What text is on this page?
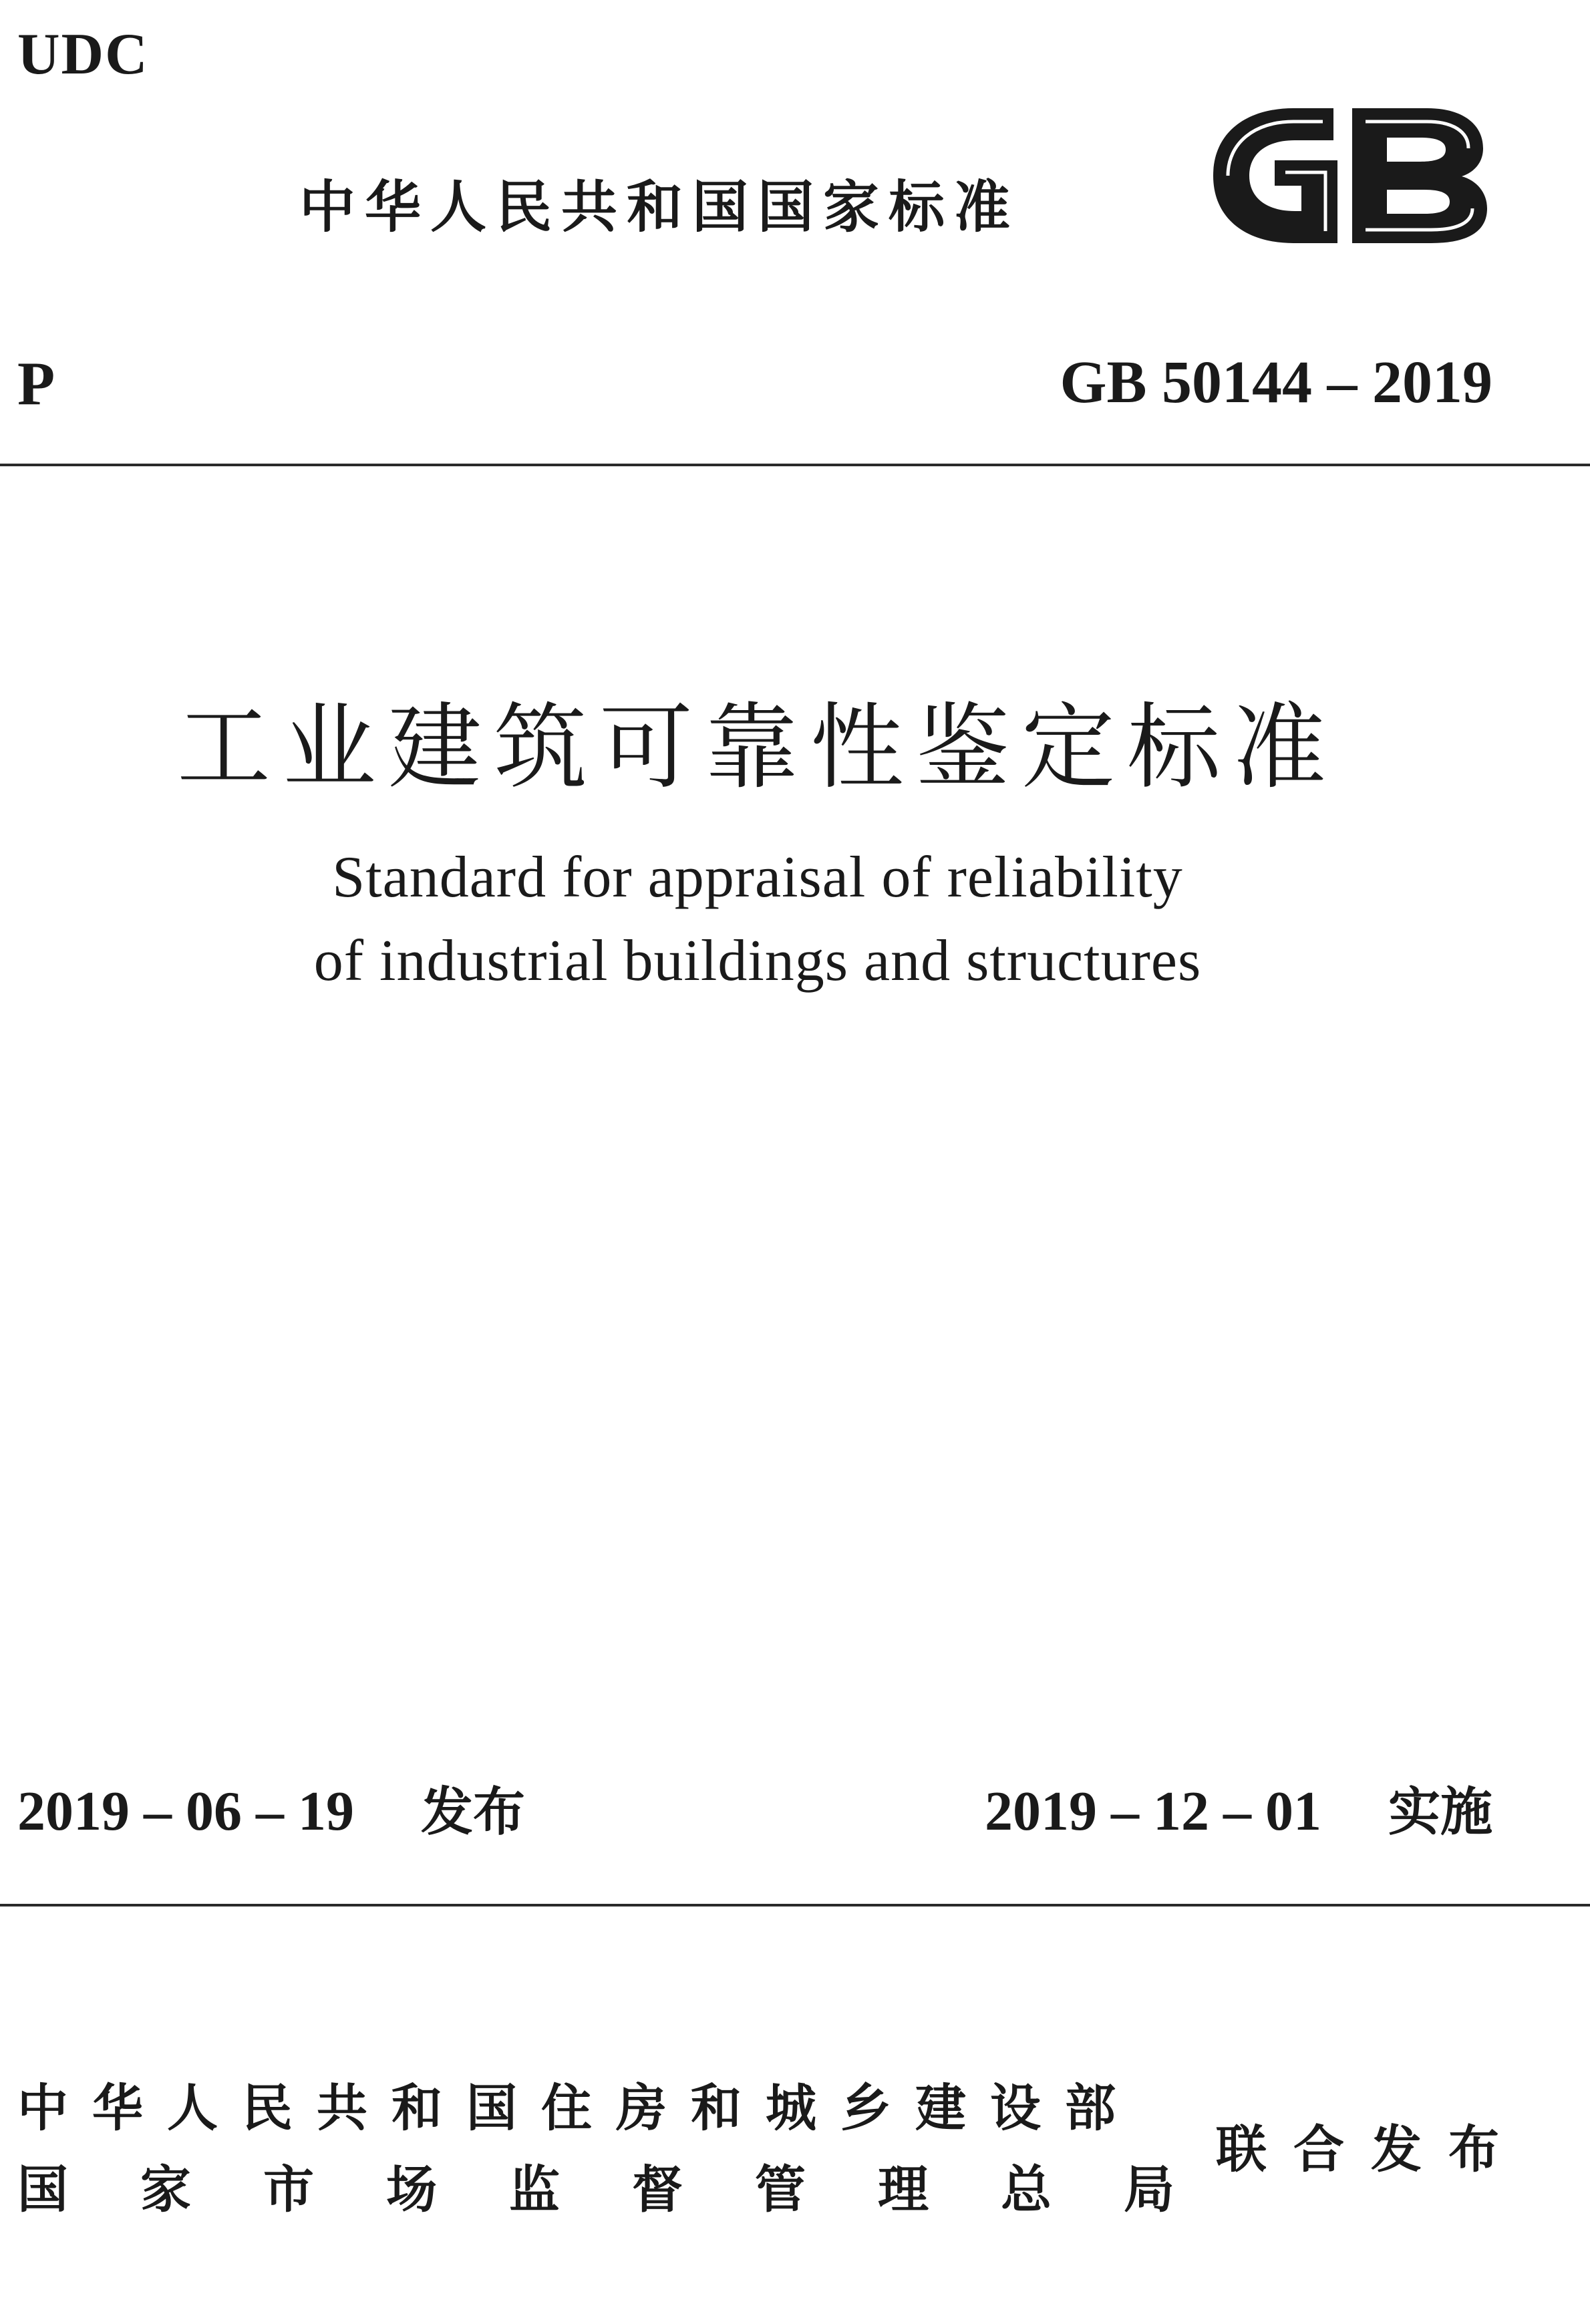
UDC
中华人民共和国国家标准
P	GB 50144 – 2019
工业建筑可靠性鉴定标准
Standard for appraisal of reliability
of industrial buildings and structures
2019 – 06 – 19 发布	2019 – 12 – 01 实施
中华人民共和国住房和城乡建设部
国家市场监督管理总局
联合发布
